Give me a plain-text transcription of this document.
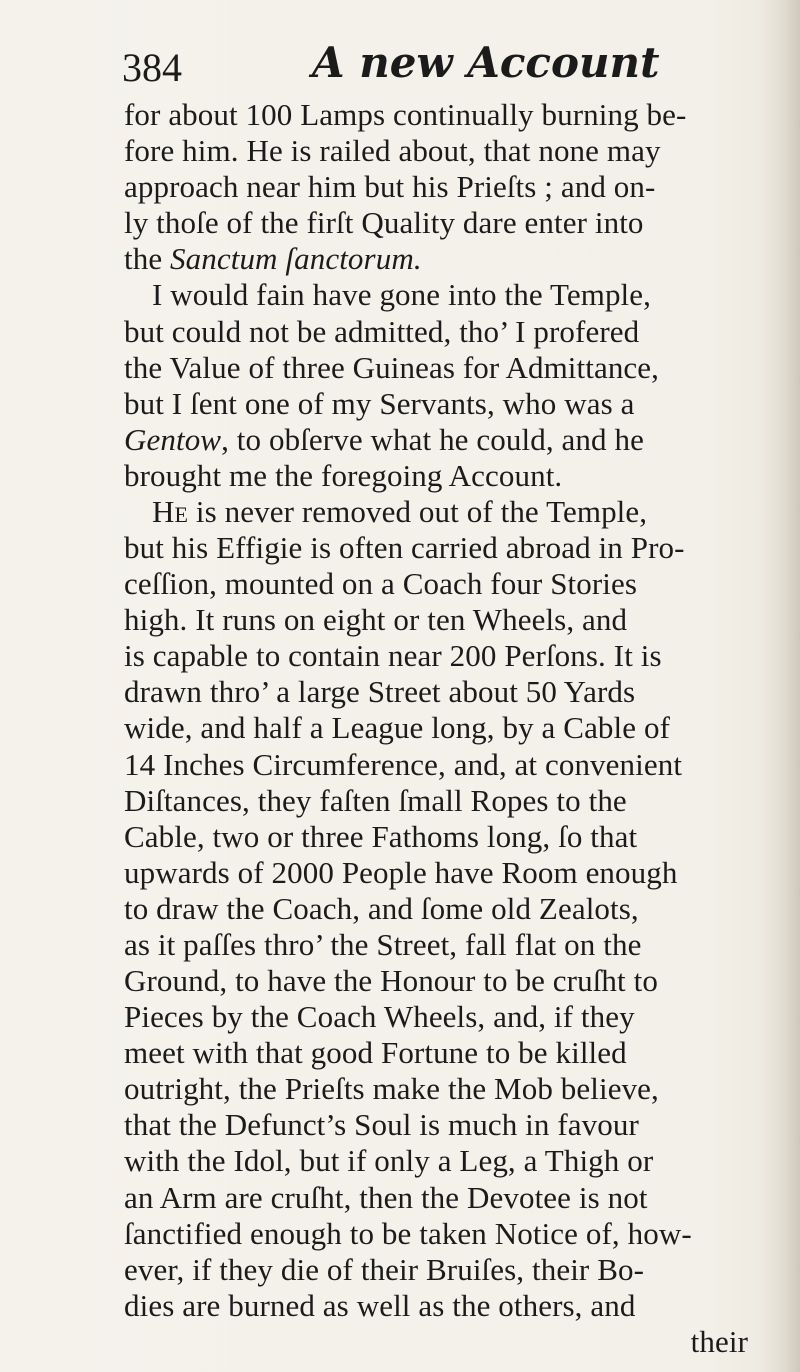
384	A new Account
for about 100 Lamps continually burning be-
fore him. He is railed about, that none may
approach near him but his Prieſts ; and on-
ly thoſe of the firſt Quality dare enter into
the Sanctum ſanctorum.
I would fain have gone into the Temple,
but could not be admitted, tho’ I profered
the Value of three Guineas for Admittance,
but I ſent one of my Servants, who was a
Gentow, to obſerve what he could, and he
brought me the foregoing Account.
He is never removed out of the Temple,
but his Effigie is often carried abroad in Pro-
ceſſion, mounted on a Coach four Stories
high. It runs on eight or ten Wheels, and
is capable to contain near 200 Perſons. It is
drawn thro’ a large Street about 50 Yards
wide, and half a League long, by a Cable of
14 Inches Circumference, and, at convenient
Diſtances, they faſten ſmall Ropes to the
Cable, two or three Fathoms long, ſo that
upwards of 2000 People have Room enough
to draw the Coach, and ſome old Zealots,
as it paſſes thro’ the Street, fall flat on the
Ground, to have the Honour to be cruſht to
Pieces by the Coach Wheels, and, if they
meet with that good Fortune to be killed
outright, the Prieſts make the Mob believe,
that the Defunct’s Soul is much in favour
with the Idol, but if only a Leg, a Thigh or
an Arm are cruſht, then the Devotee is not
ſanctified enough to be taken Notice of, how-
ever, if they die of their Bruiſes, their Bo-
dies are burned as well as the others, and
their
